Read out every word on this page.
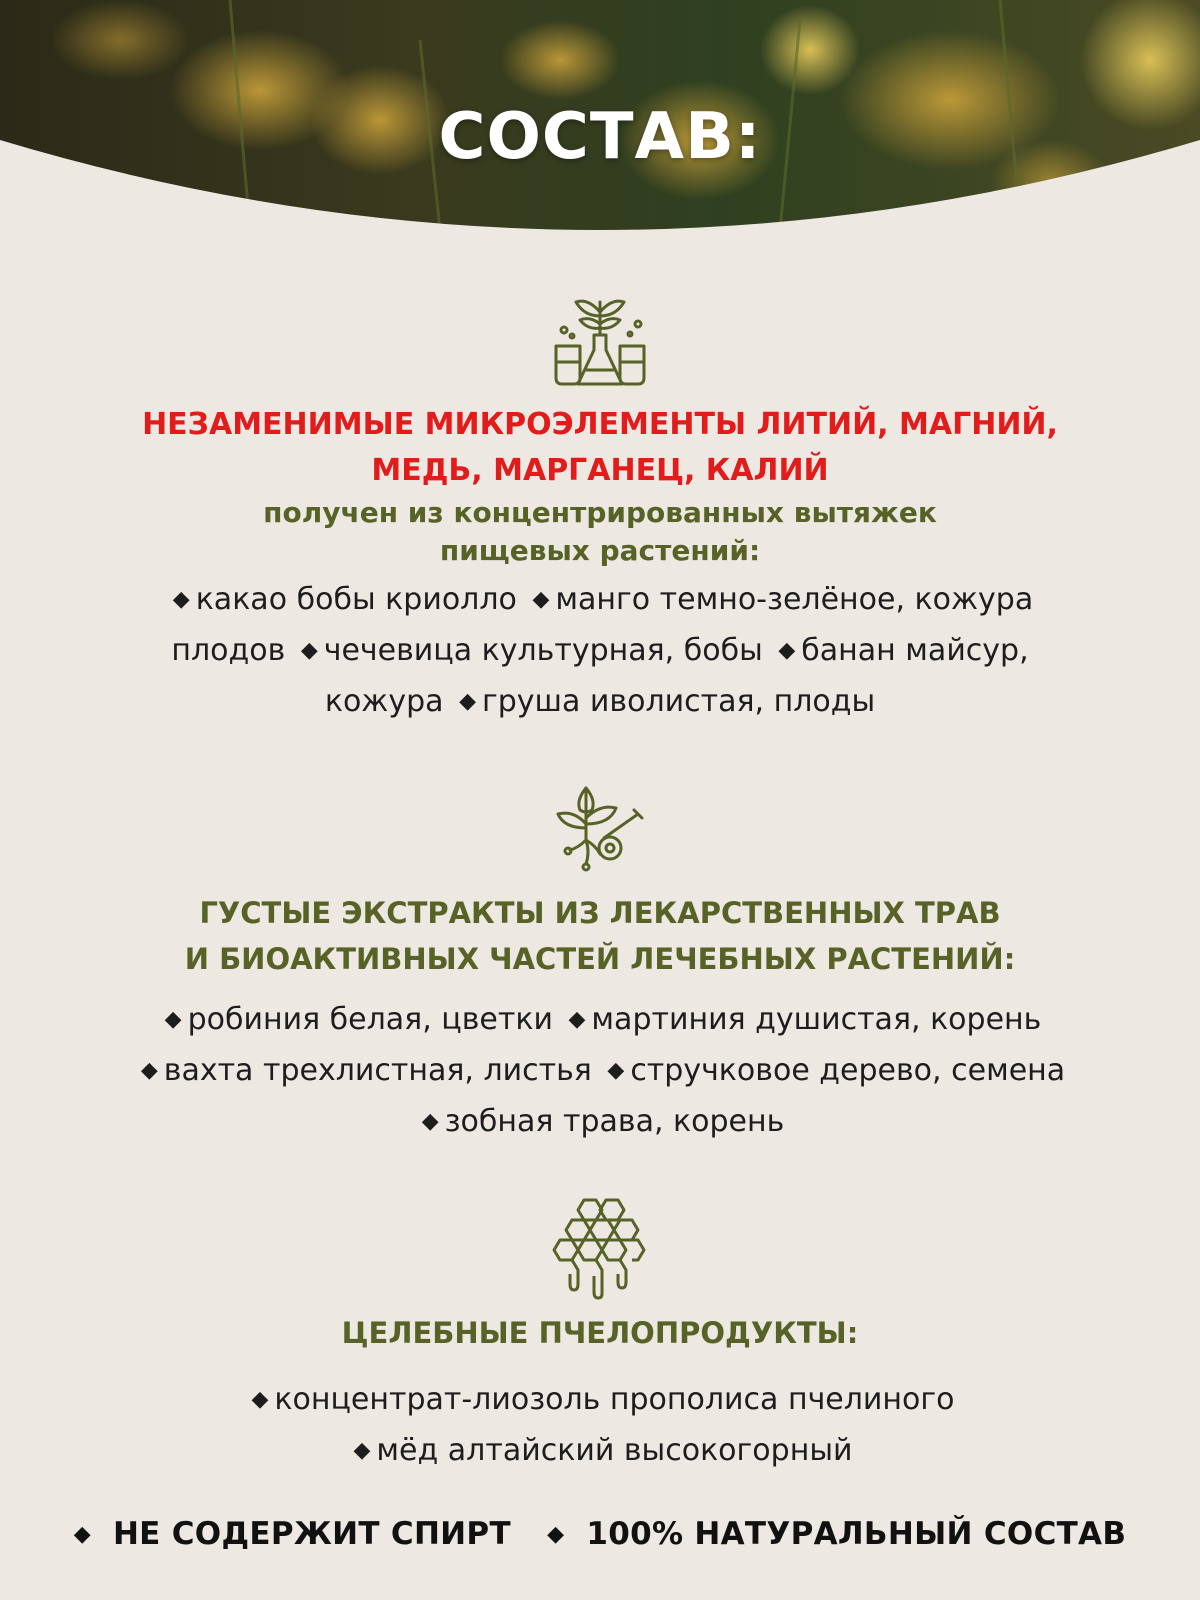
СОСТАВ:
НЕЗАМЕНИМЫЕ МИКРОЭЛЕМЕНТЫ ЛИТИЙ, МАГНИЙ,
МЕДЬ, МАРГАНЕЦ, КАЛИЙ
получен из концентрированных вытяжек
пищевых растений:
◆ какао бобы криолло ◆ манго темно-зелёное, кожура плодов ◆ чечевица культурная, бобы ◆ банан майсур, кожура ◆ груша иволистая, плоды
ГУСТЫЕ ЭКСТРАКТЫ ИЗ ЛЕКАРСТВЕННЫХ ТРАВ
И БИОАКТИВНЫХ ЧАСТЕЙ ЛЕЧЕБНЫХ РАСТЕНИЙ:
◆ робиния белая, цветки ◆ мартиния душистая, корень ◆ вахта трехлистная, листья ◆ стручковое дерево, семена ◆ зобная трава, корень
ЦЕЛЕБНЫЕ ПЧЕЛОПРОДУКТЫ:
◆ концентрат-лиозоль прополиса пчелиного
◆ мёд алтайский высокогорный
◆ НЕ СОДЕРЖИТ СПИРТ ◆ 100% НАТУРАЛЬНЫЙ СОСТАВ
